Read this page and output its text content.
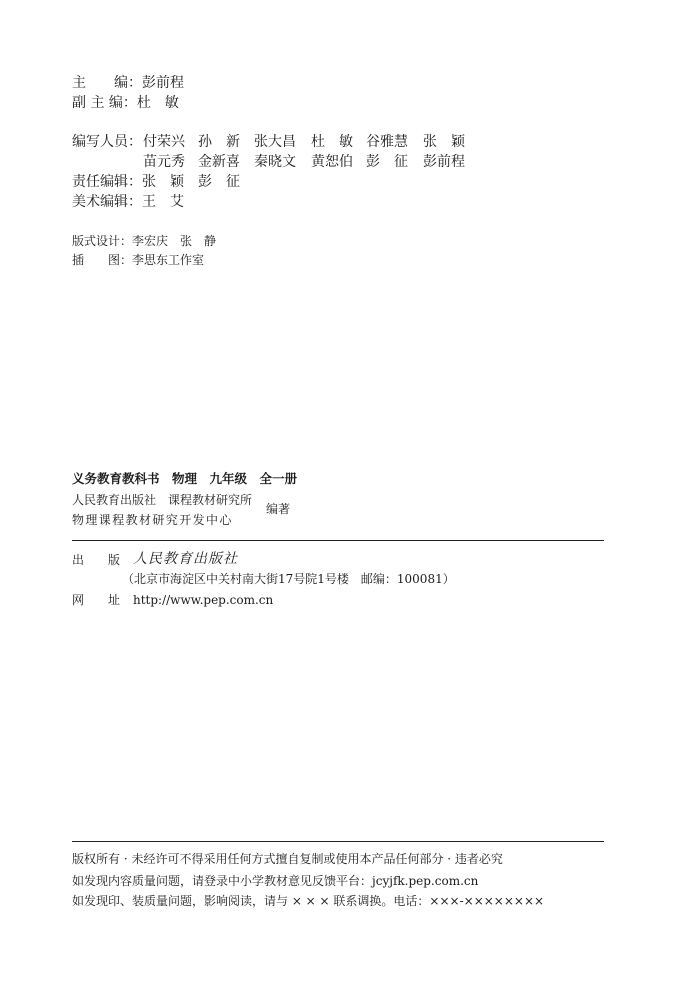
主　　编：彭前程
副 主 编：杜　敏
编写人员： 付荣兴 孙　新 张大昌 杜　敏 谷雅慧 张　颖
苗元秀 金新喜 秦晓文 黄恕伯 彭　征 彭前程
责任编辑：张　颖　彭　征
美术编辑：王　艾
版式设计：李宏庆　张　静
插　　图：李思东工作室
义务教育教科书　物理　九年级　全一册
人民教育出版社　课程教材研究所
物理课程教材研究开发中心
编著
出　　版 人民教育出版社
（北京市海淀区中关村南大街17号院1号楼　邮编：100081）
网　　址 http://www.pep.com.cn
版权所有 · 未经许可不得采用任何方式擅自复制或使用本产品任何部分 · 违者必究
如发现内容质量问题，请登录中小学教材意见反馈平台：jcyjfk.pep.com.cn
如发现印、装质量问题，影响阅读，请与 × × × 联系调换。电话：×××-××××××××
